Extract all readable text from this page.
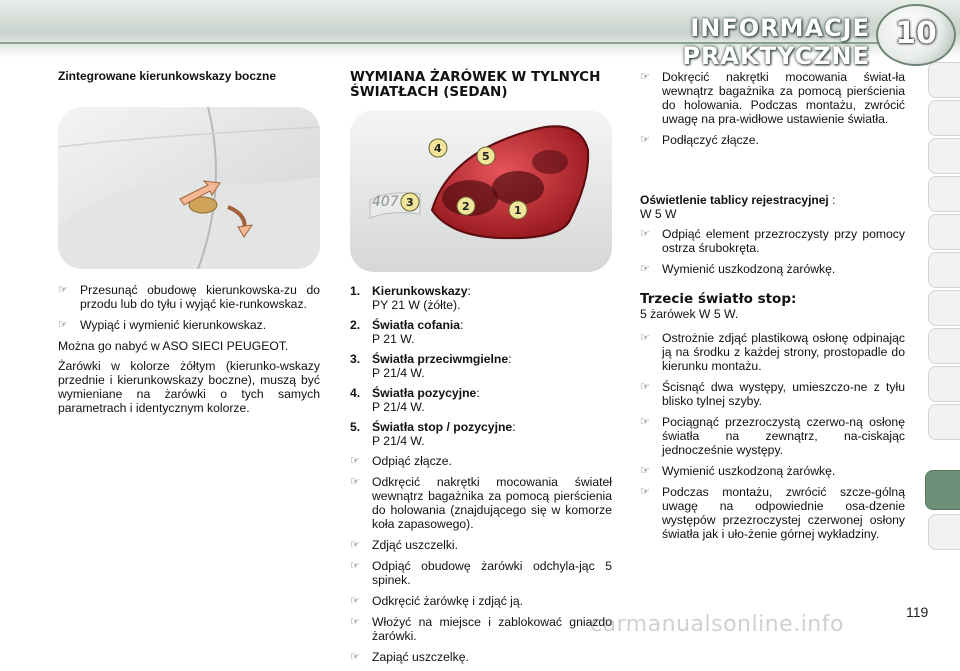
INFORMACJE PRAKTYCZNE
10

Zintegrowane kierunkowskazy boczne

☞ Przesunąć obudowę kierunkowska-zu do przodu lub do tyłu i wyjąć kie-runkowskaz.
☞ Wypiąć i wymienić kierunkowskaz.

Można go nabyć w ASO SIECI PEUGEOT.

Żarówki w kolorze żółtym (kierunko-wskazy przednie i kierunkowskazy boczne), muszą być wymieniane na żarówki o tych samych parametrach i identycznym kolorze.

WYMIANA ŻARÓWEK W TYLNYCH ŚWIATŁACH (SEDAN)

407
4
5
3	2	1
1. Kierunkowskazy:
PY 21 W (żółte).
2. Światła cofania:
P 21 W.
3. Światła przeciwmgielne:
P 21/4 W.
4. Światła pozycyjne:
P 21/4 W.
5. Światła stop / pozycyjne:
P 21/4 W.
☞ Odpiąć złącze.
☞ Odkręcić nakrętki mocowania świateł wewnątrz bagażnika za pomocą pierścienia do holowania (znajdującego się w komorze koła zapasowego).
☞ Zdjąć uszczelki.
☞ Odpiąć obudowę żarówki odchyla-jąc 5 spinek.
☞ Odkręcić żarówkę i zdjąć ją.
☞ Włożyć na miejsce i zablokować gniazdo żarówki.
☞ Zapiąć uszczelkę.
☞ Dokręcić nakrętki mocowania świat-ła wewnątrz bagażnika za pomocą pierścienia do holowania. Podczas montażu, zwrócić uwagę na pra-widłowe ustawienie światła.
☞ Podłączyć złącze.

Oświetlenie tablicy rejestracyjnej :
W 5 W

☞ Odpiąć element przezroczysty przy pomocy ostrza śrubokręta.
☞ Wymienić uszkodzoną żarówkę.

Trzecie światło stop:

5 żarówek W 5 W.

☞ Ostrożnie zdjąć plastikową osłonę odpinając ją na środku z każdej strony, prostopadle do kierunku montażu.
☞ Ścisnąć dwa występy, umieszczo-ne z tyłu blisko tylnej szyby.
☞ Pociągnąć przezroczystą czerwo-ną osłonę światła na zewnątrz, na-ciskając jednocześnie występy.
☞ Wymienić uszkodzoną żarówkę.
☞ Podczas montażu, zwrócić szcze-gólną uwagę na odpowiednie osa-dzenie występów przezroczystej czerwonej osłony światła jak i uło-żenie górnej wykładziny.
carmanualsonline.info	119
